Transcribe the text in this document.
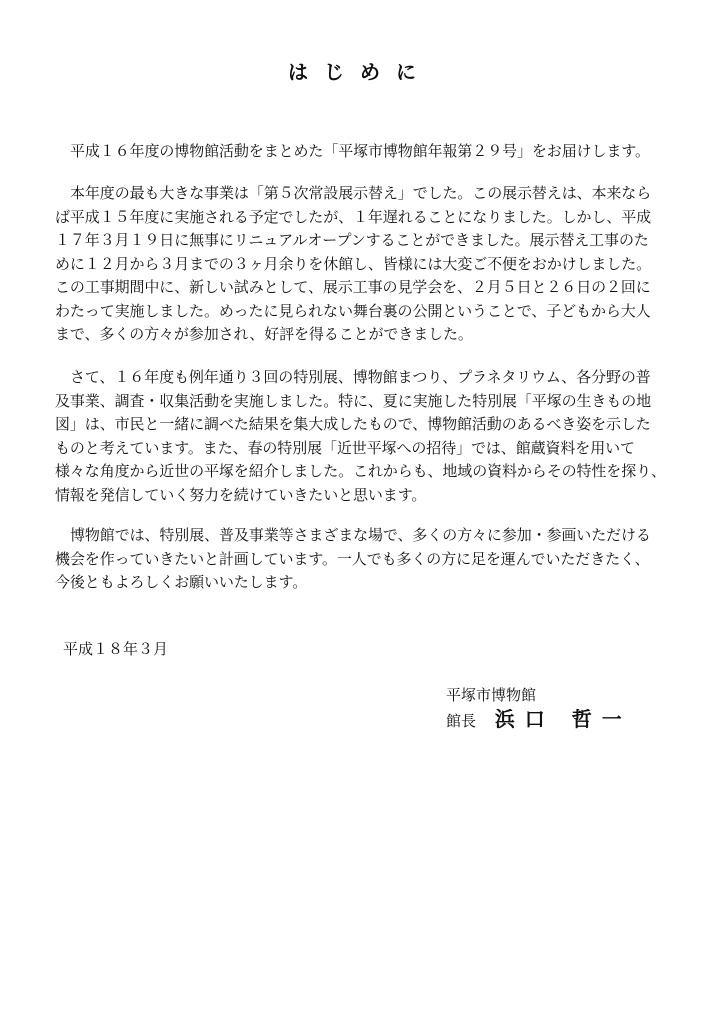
はじめに

平成１６年度の博物館活動をまとめた「平塚市博物館年報第２９号」をお届けします。

本年度の最も大きな事業は「第５次常設展示替え」でした。この展示替えは、本来なら

ば平成１５年度に実施される予定でしたが、１年遅れることになりました。しかし、平成
１７年３月１９日に無事にリニュアルオープンすることができました。展示替え工事のた
めに１２月から３月までの３ヶ月余りを休館し、皆様には大変ご不便をおかけしました。
この工事期間中に、新しい試みとして、展示工事の見学会を、２月５日と２６日の２回に
わたって実施しました。めったに見られない舞台裏の公開ということで、子どもから大人
まで、多くの方々が参加され、好評を得ることができました。

さて、１６年度も例年通り３回の特別展、博物館まつり、プラネタリウム、各分野の普

及事業、調査・収集活動を実施しました。特に、夏に実施した特別展「平塚の生きもの地
図」は、市民と一緒に調べた結果を集大成したもので、博物館活動のあるべき姿を示した
ものと考えています。また、春の特別展「近世平塚への招待」では、館蔵資料を用いて
様々な角度から近世の平塚を紹介しました。これからも、地域の資料からその特性を探り、
情報を発信していく努力を続けていきたいと思います。

博物館では、特別展、普及事業等さまざまな場で、多くの方々に参加・参画いただける

機会を作っていきたいと計画しています。一人でも多くの方に足を運んでいただきたく、
今後ともよろしくお願いいたします。
平成１８年３月
平塚市博物館
館長 浜口 哲一
